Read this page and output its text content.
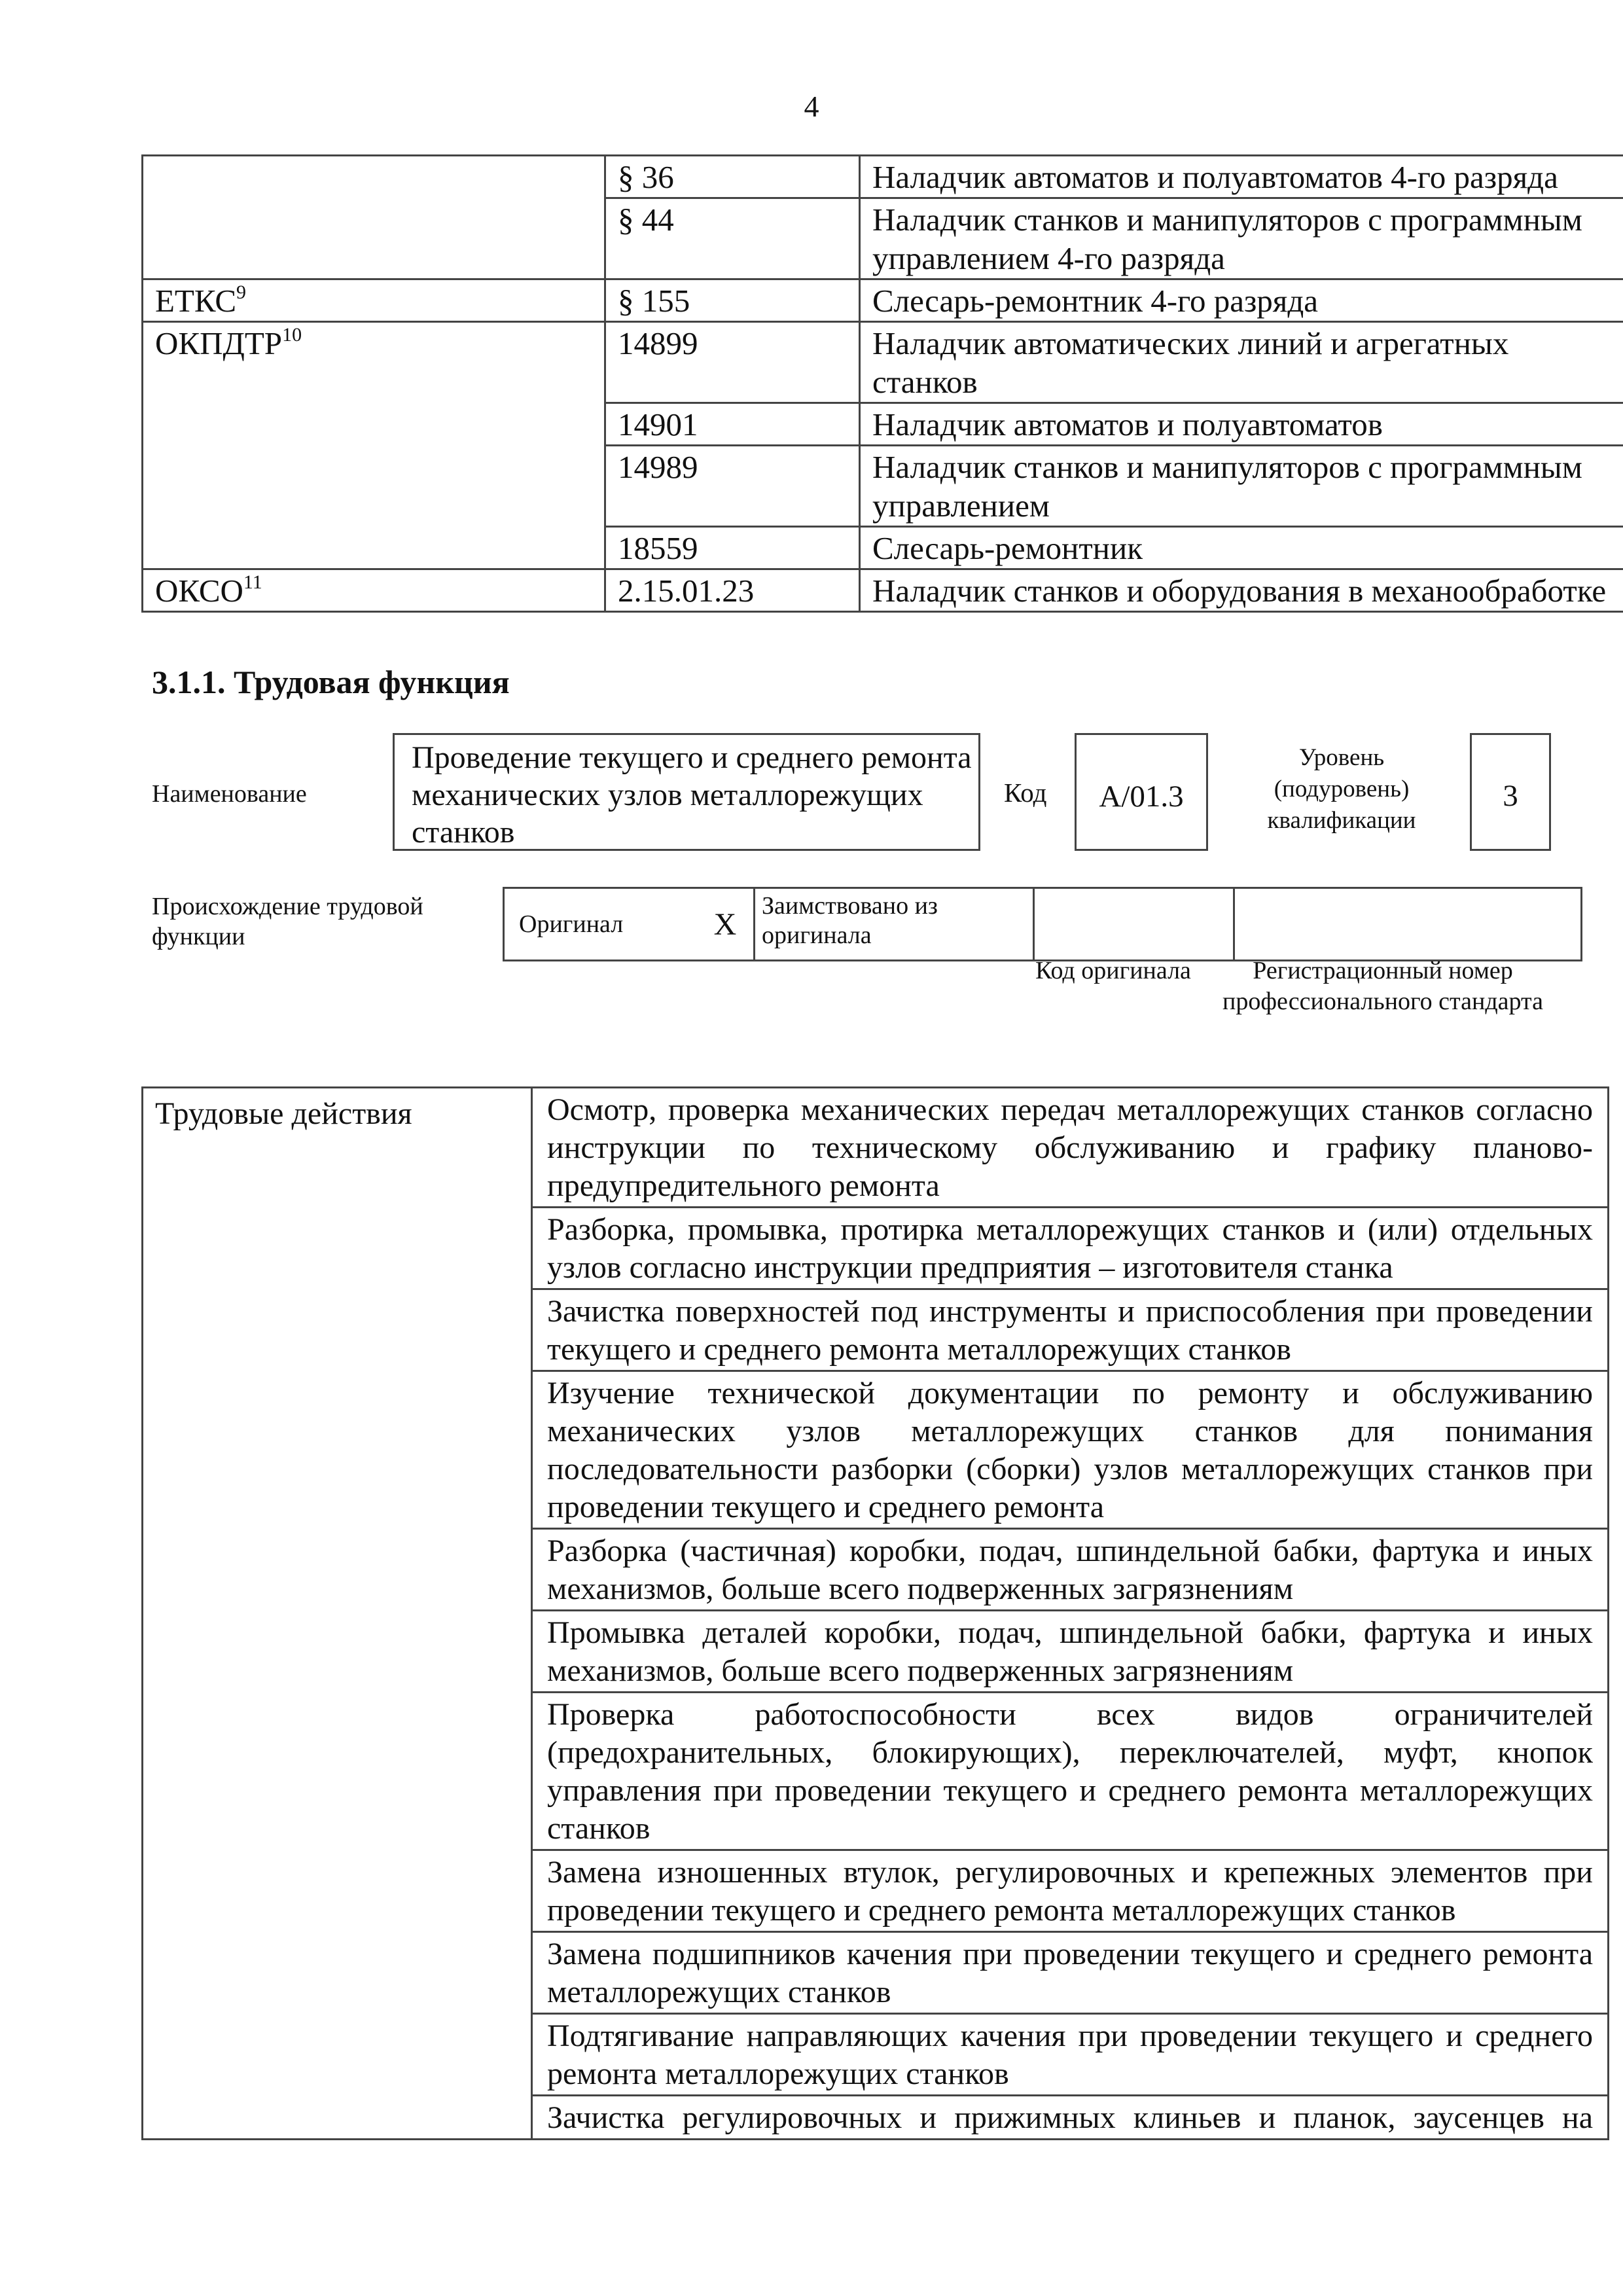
4
	§ 36	Наладчик автоматов и полуавтоматов 4-го разряда
	§ 44	Наладчик станков и манипуляторов с программным управлением 4-го разряда
ЕТКС$^9$	§ 155	Слесарь-ремонтник 4-го разряда
ОКПДТР$^{10}$	14899	Наладчик автоматических линий и агрегатных станков
	14901	Наладчик автоматов и полуавтоматов
	14989	Наладчик станков и манипуляторов с программным управлением
	18559	Слесарь-ремонтник
ОКСО$^{11}$	2.15.01.23	Наладчик станков и оборудования в механообработке
3.1.1. Трудовая функция
Наименование
Проведение текущего и среднего ремонта механических узлов металлорежущих станков
Код	А/01.3
Уровень (подуровень) квалификации
3
Происхождение трудовой функции	Оригинал	X	Заимствовано из оригинала		
Код оригинала	Регистрационный номер профессионального стандарта
Трудовые действия	Осмотр, проверка механических передач металлорежущих станков согласно инструкции по техническому обслуживанию и графику планово-предупредительного ремонта
Разборка, промывка, протирка металлорежущих станков и (или) отдельных узлов согласно инструкции предприятия – изготовителя станка
Зачистка поверхностей под инструменты и приспособления при проведении текущего и среднего ремонта металлорежущих станков
Изучение технической документации по ремонту и обслуживанию механических узлов металлорежущих станков для понимания последовательности разборки (сборки) узлов металлорежущих станков при проведении текущего и среднего ремонта
Разборка (частичная) коробки, подач, шпиндельной бабки, фартука и иных механизмов, больше всего подверженных загрязнениям
Промывка деталей коробки, подач, шпиндельной бабки, фартука и иных механизмов, больше всего подверженных загрязнениям
Проверка работоспособности всех видов ограничителей (предохранительных, блокирующих), переключателей, муфт, кнопок управления при проведении текущего и среднего ремонта металлорежущих станков
Замена изношенных втулок, регулировочных и крепежных элементов при проведении текущего и среднего ремонта металлорежущих станков
Замена подшипников качения при проведении текущего и среднего ремонта металлорежущих станков
Подтягивание направляющих качения при проведении текущего и среднего ремонта металлорежущих станков
Зачистка регулировочных и прижимных клиньев и планок, заусенцев на
